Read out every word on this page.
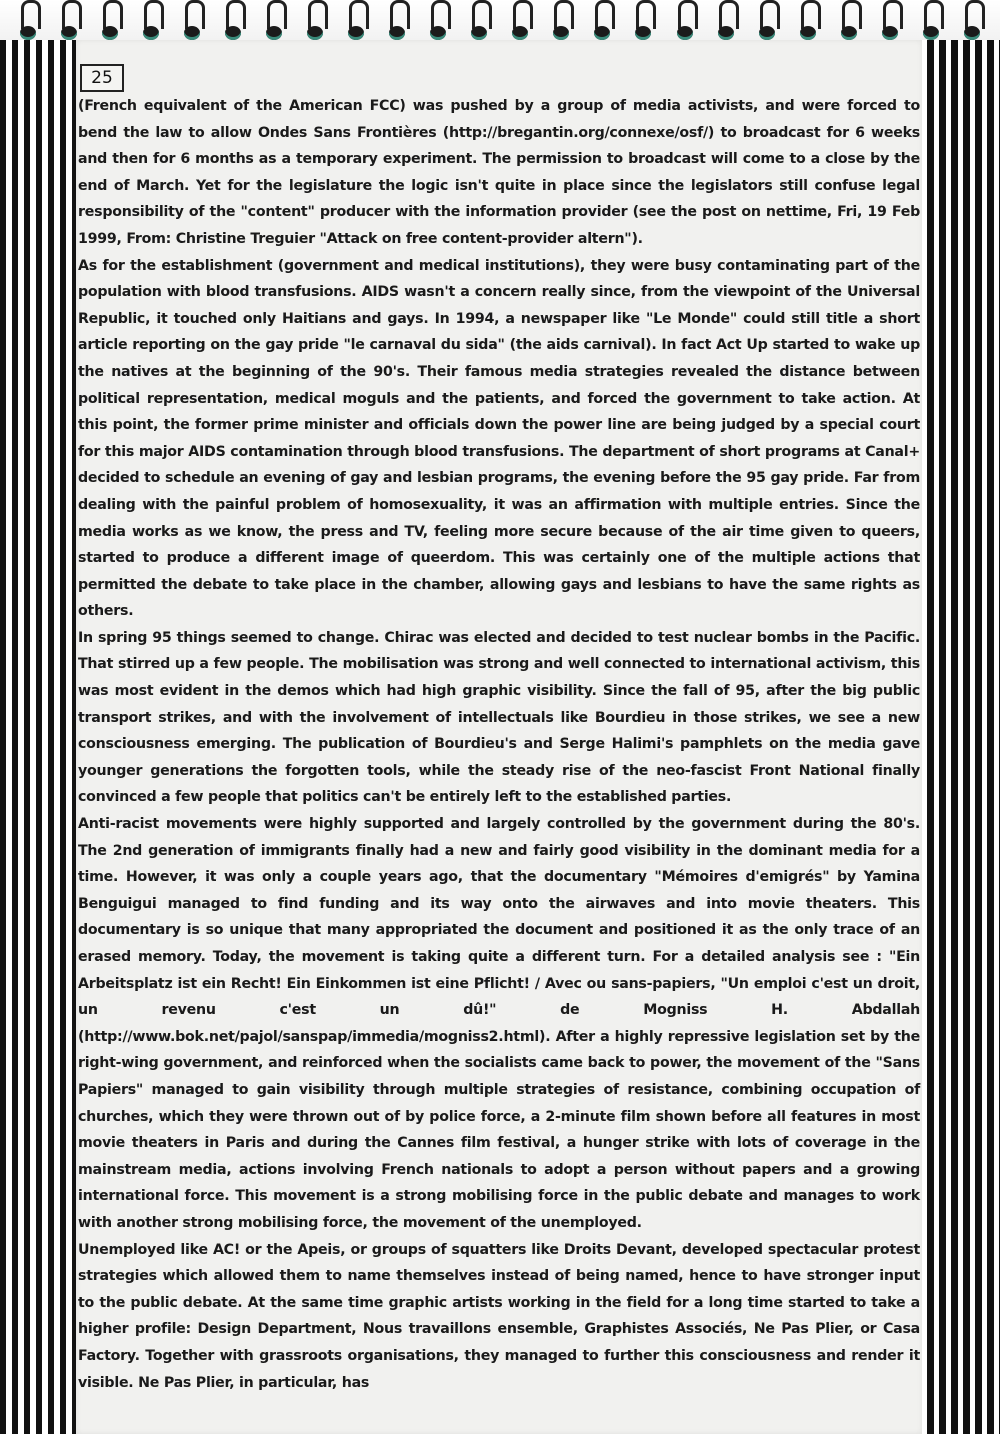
25

(French equivalent of the American FCC) was pushed by a group of media activists, and were forced to bend the law to allow Ondes Sans Frontières (http://bregantin.org/connexe/osf/) to broadcast for 6 weeks and then for 6 months as a temporary experiment. The permission to broadcast will come to a close by the end of March. Yet for the legislature the logic isn't quite in place since the legislators still confuse legal responsibility of the "content" producer with the information provider (see the post on nettime, Fri, 19 Feb 1999, From: Christine Treguier "Attack on free content-provider altern").

As for the establishment (government and medical institutions), they were busy contaminating part of the population with blood transfusions. AIDS wasn't a concern really since, from the viewpoint of the Universal Republic, it touched only Haitians and gays. In 1994, a newspaper like "Le Monde" could still title a short article reporting on the gay pride "le carnaval du sida" (the aids carnival). In fact Act Up started to wake up the natives at the beginning of the 90's. Their famous media strategies revealed the distance between political representation, medical moguls and the patients, and forced the government to take action. At this point, the former prime minister and officials down the power line are being judged by a special court for this major AIDS contamination through blood transfusions. The department of short programs at Canal+ decided to schedule an evening of gay and lesbian programs, the evening before the 95 gay pride. Far from dealing with the painful problem of homosexuality, it was an affirmation with multiple entries. Since the media works as we know, the press and TV, feeling more secure because of the air time given to queers, started to produce a different image of queerdom. This was certainly one of the multiple actions that permitted the debate to take place in the chamber, allowing gays and lesbians to have the same rights as others.

In spring 95 things seemed to change. Chirac was elected and decided to test nuclear bombs in the Pacific. That stirred up a few people. The mobilisation was strong and well connected to international activism, this was most evident in the demos which had high graphic visibility. Since the fall of 95, after the big public transport strikes, and with the involvement of intellectuals like Bourdieu in those strikes, we see a new consciousness emerging. The publication of Bourdieu's and Serge Halimi's pamphlets on the media gave younger generations the forgotten tools, while the steady rise of the neo-fascist Front National finally convinced a few people that politics can't be entirely left to the established parties.

Anti-racist movements were highly supported and largely controlled by the government during the 80's. The 2nd generation of immigrants finally had a new and fairly good visibility in the dominant media for a time. However, it was only a couple years ago, that the documentary "Mémoires d'emigrés" by Yamina Benguigui managed to find funding and its way onto the airwaves and into movie theaters. This documentary is so unique that many appropriated the document and positioned it as the only trace of an erased memory. Today, the movement is taking quite a different turn. For a detailed analysis see : "Ein Arbeitsplatz ist ein Recht! Ein Einkommen ist eine Pflicht! / Avec ou sans-papiers, "Un emploi c'est un droit, un revenu c'est un dû!" de Mogniss H. Abdallah (http://www.bok.net/pajol/sanspap/immedia/mogniss2.html). After a highly repressive legislation set by the right-wing government, and reinforced when the socialists came back to power, the movement of the "Sans Papiers" managed to gain visibility through multiple strategies of resistance, combining occupation of churches, which they were thrown out of by police force, a 2-minute film shown before all features in most movie theaters in Paris and during the Cannes film festival, a hunger strike with lots of coverage in the mainstream media, actions involving French nationals to adopt a person without papers and a growing international force. This movement is a strong mobilising force in the public debate and manages to work with another strong mobilising force, the movement of the unemployed.

Unemployed like AC! or the Apeis, or groups of squatters like Droits Devant, developed spectacular protest strategies which allowed them to name themselves instead of being named, hence to have stronger input to the public debate. At the same time graphic artists working in the field for a long time started to take a higher profile: Design Department, Nous travaillons ensemble, Graphistes Associés, Ne Pas Plier, or Casa Factory. Together with grassroots organisations, they managed to further this consciousness and render it visible. Ne Pas Plier, in particular, has
